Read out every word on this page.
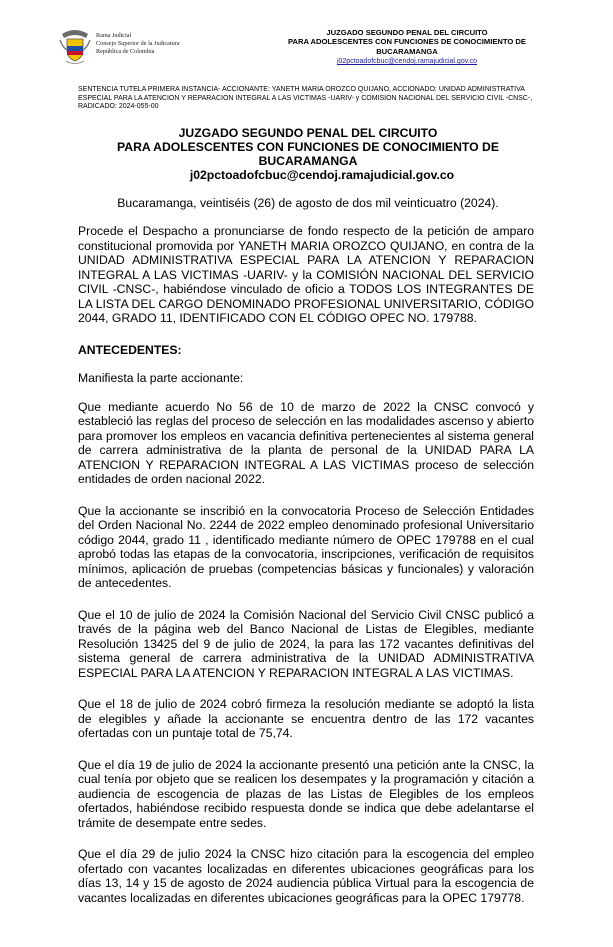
Rama Judicial
Consejo Superior de la Judicatura
República de Colombia
JUZGADO SEGUNDO PENAL DEL CIRCUITO
PARA ADOLESCENTES CON FUNCIONES DE CONOCIMIENTO DE
BUCARAMANGA
j02pctoadofcbuc@cendoj.ramajudicial.gov.co
SENTENCIA TUTELA PRIMERA INSTANCIA- ACCIONANTE: YANETH MARIA OROZCO QUIJANO, ACCIONADO: UNIDAD ADMINISTRATIVA ESPECIAL PARA LA ATENCION Y REPARACION INTEGRAL A LAS VICTIMAS -UARIV- y COMISION NACIONAL DEL SERVICIO CIVIL -CNSC-, RADICADO: 2024-055-00
JUZGADO SEGUNDO PENAL DEL CIRCUITO
PARA ADOLESCENTES CON FUNCIONES DE CONOCIMIENTO DE
BUCARAMANGA
j02pctoadofcbuc@cendoj.ramajudicial.gov.co
Bucaramanga, veintiséis (26) de agosto de dos mil veinticuatro (2024).

Procede el Despacho a pronunciarse de fondo respecto de la petición de amparo constitucional promovida por YANETH MARIA OROZCO QUIJANO, en contra de la UNIDAD ADMINISTRATIVA ESPECIAL PARA LA ATENCION Y REPARACION INTEGRAL A LAS VICTIMAS -UARIV- y la COMISIÓN NACIONAL DEL SERVICIO CIVIL -CNSC-, habiéndose vinculado de oficio a TODOS LOS INTEGRANTES DE LA LISTA DEL CARGO DENOMINADO PROFESIONAL UNIVERSITARIO, CÓDIGO 2044, GRADO 11, IDENTIFICADO CON EL CÓDIGO OPEC NO. 179788.

ANTECEDENTES:

Manifiesta la parte accionante:

Que mediante acuerdo No 56 de 10 de marzo de 2022 la CNSC convocó y estableció las reglas del proceso de selección en las modalidades ascenso y abierto para promover los empleos en vacancia definitiva pertenecientes al sistema general de carrera administrativa de la planta de personal de la UNIDAD PARA LA ATENCION Y REPARACION INTEGRAL A LAS VICTIMAS proceso de selección entidades de orden nacional 2022.

Que la accionante se inscribió en la convocatoria Proceso de Selección Entidades del Orden Nacional No. 2244 de 2022 empleo denominado profesional Universitario código 2044, grado 11 , identificado mediante número de OPEC 179788 en el cual aprobó todas las etapas de la convocatoria, inscripciones, verificación de requisitos mínimos, aplicación de pruebas (competencias básicas y funcionales) y valoración de antecedentes.

Que el 10 de julio de 2024 la Comisión Nacional del Servicio Civil CNSC publicó a través de la página web del Banco Nacional de Listas de Elegibles, mediante Resolución 13425 del 9 de julio de 2024, la para las 172 vacantes definitivas del sistema general de carrera administrativa de la UNIDAD ADMINISTRATIVA ESPECIAL PARA LA ATENCION Y REPARACION INTEGRAL A LAS VICTIMAS.

Que el 18 de julio de 2024 cobró firmeza la resolución mediante se adoptó la lista de elegibles y añade la accionante se encuentra dentro de las 172 vacantes ofertadas con un puntaje total de 75,74.

Que el día 19 de julio de 2024 la accionante presentó una petición ante la CNSC, la cual tenía por objeto que se realicen los desempates y la programación y citación a audiencia de escogencia de plazas de las Listas de Elegibles de los empleos ofertados, habiéndose recibido respuesta donde se indica que debe adelantarse el trámite de desempate entre sedes.

Que el día 29 de julio 2024 la CNSC hizo citación para la escogencia del empleo ofertado con vacantes localizadas en diferentes ubicaciones geográficas para los días 13, 14 y 15 de agosto de 2024 audiencia pública Virtual para la escogencia de vacantes localizadas en diferentes ubicaciones geográficas para la OPEC 179778.
